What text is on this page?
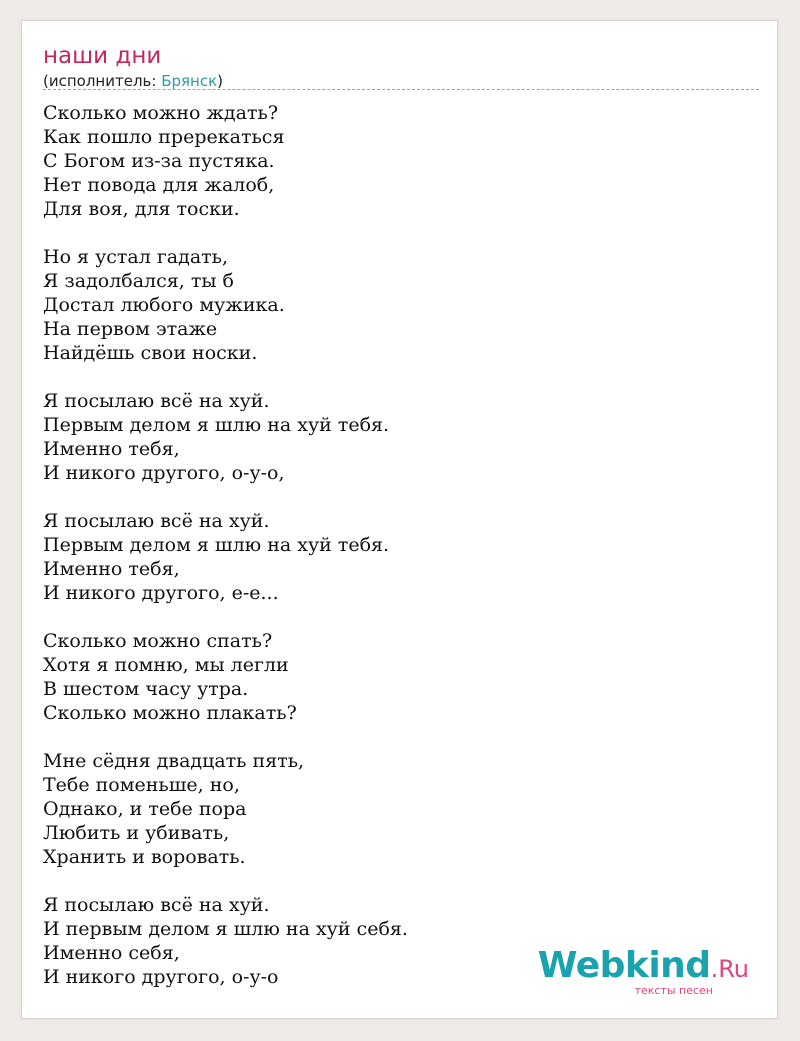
наши дни
(исполнитель: Брянск)
Сколько можно ждать?
Как пошло пререкаться
С Богом из-за пустяка.
Нет повода для жалоб,
Для воя, для тоски.
Но я устал гадать,
Я задолбался, ты б
Достал любого мужика.
На первом этаже
Найдёшь свои носки.
Я посылаю всё на хуй.
Первым делом я шлю на хуй тебя.
Именно тебя,
И никого другого, о-у-о,
Я посылаю всё на хуй.
Первым делом я шлю на хуй тебя.
Именно тебя,
И никого другого, е-е...
Сколько можно спать?
Хотя я помню, мы легли
В шестом часу утра.
Сколько можно плакать?
Мне сёдня двадцать пять,
Тебе поменьше, но,
Однако, и тебе пора
Любить и убивать,
Хранить и воровать.
Я посылаю всё на хуй.
И первым делом я шлю на хуй себя.
Именно себя,
И никого другого, о-у-о	Webkind.Ru
тексты песен
